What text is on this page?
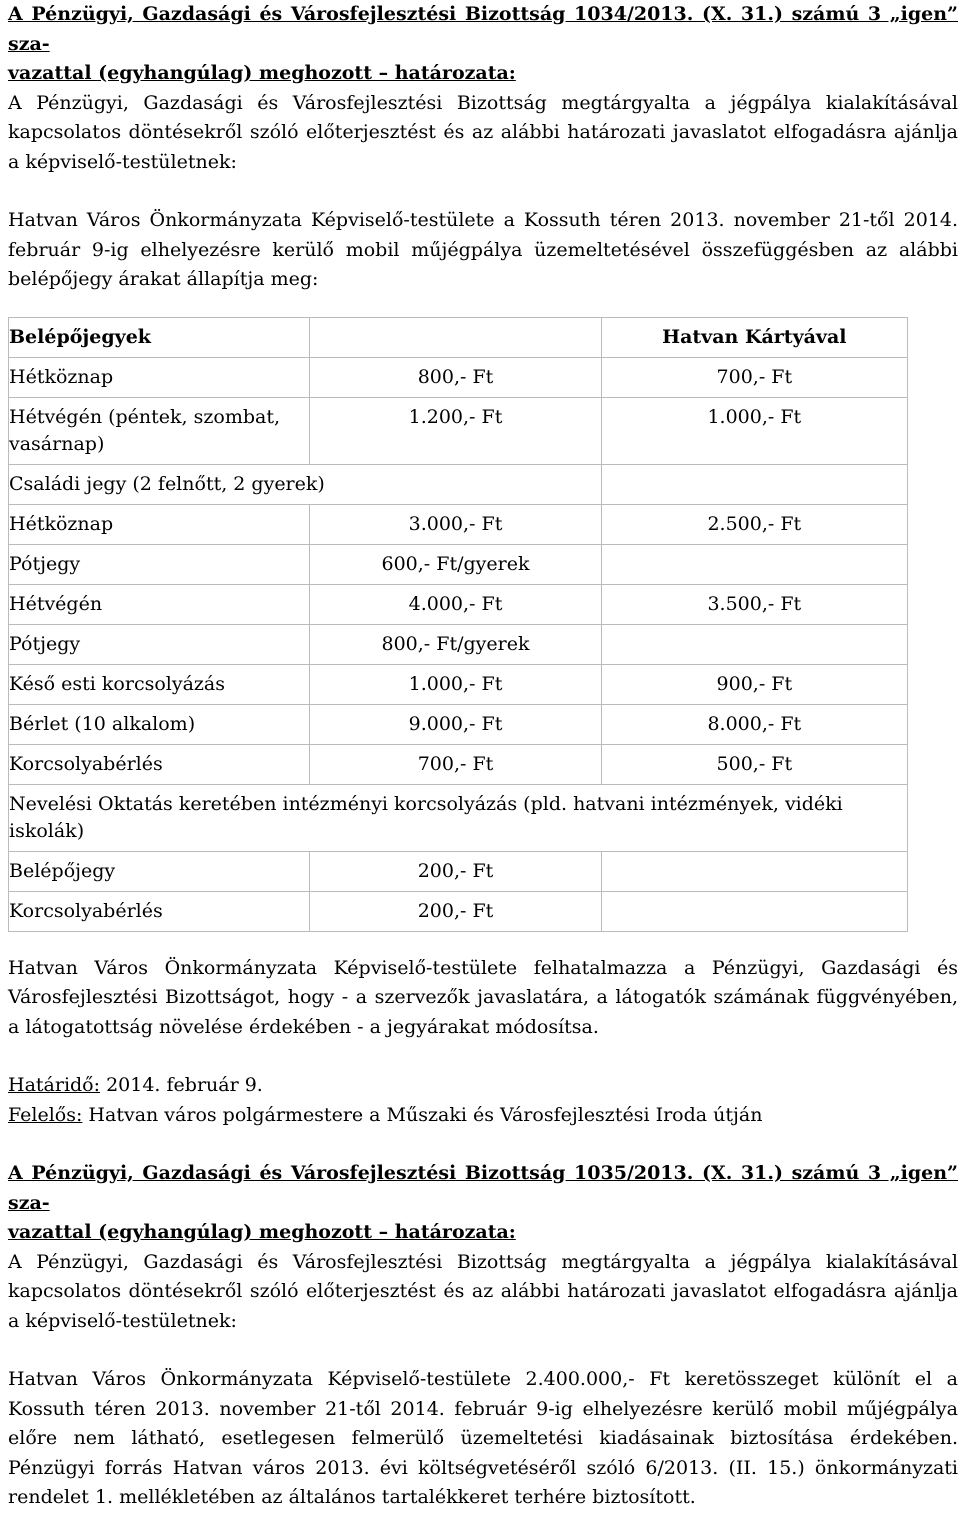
A Pénzügyi, Gazdasági és Városfejlesztési Bizottság 1034/2013. (X. 31.) számú 3 „igen” sza-

vazattal (egyhangúlag) meghozott – határozata:

A Pénzügyi, Gazdasági és Városfejlesztési Bizottság megtárgyalta a jégpálya kialakításával kapcsolatos döntésekről szóló előterjesztést és az alábbi határozati javaslatot elfogadásra ajánlja a képviselő-testületnek:

Hatvan Város Önkormányzata Képviselő-testülete a Kossuth téren 2013. november 21-től 2014. február 9-ig elhelyezésre kerülő mobil műjégpálya üzemeltetésével összefüggésben az alábbi belépőjegy árakat állapítja meg:

Belépőjegyek		Hatvan Kártyával
Hétköznap	800,- Ft	700,- Ft
Hétvégén (péntek, szombat, vasárnap)	1.200,- Ft	1.000,- Ft
Családi jegy (2 felnőtt, 2 gyerek)		
Hétköznap	3.000,- Ft	2.500,- Ft
Pótjegy	600,- Ft/gyerek	
Hétvégén	4.000,- Ft	3.500,- Ft
Pótjegy	800,- Ft/gyerek	
Késő esti korcsolyázás	1.000,- Ft	900,- Ft
Bérlet (10 alkalom)	9.000,- Ft	8.000,- Ft
Korcsolyabérlés	700,- Ft	500,- Ft
Nevelési Oktatás keretében intézményi korcsolyázás (pld. hatvani intézmények, vidéki iskolák)		
Belépőjegy	200,- Ft	
Korcsolyabérlés	200,- Ft	

Hatvan Város Önkormányzata Képviselő-testülete felhatalmazza a Pénzügyi, Gazdasági és Városfejlesztési Bizottságot, hogy - a szervezők javaslatára, a látogatók számának függvényében, a látogatottság növelése érdekében - a jegyárakat módosítsa.

Határidő: 2014. február 9.

Felelős: Hatvan város polgármestere a Műszaki és Városfejlesztési Iroda útján

A Pénzügyi, Gazdasági és Városfejlesztési Bizottság 1035/2013. (X. 31.) számú 3 „igen” sza-

vazattal (egyhangúlag) meghozott – határozata:

A Pénzügyi, Gazdasági és Városfejlesztési Bizottság megtárgyalta a jégpálya kialakításával kapcsolatos döntésekről szóló előterjesztést és az alábbi határozati javaslatot elfogadásra ajánlja a képviselő-testületnek:

Hatvan Város Önkormányzata Képviselő-testülete 2.400.000,- Ft keretösszeget különít el a Kossuth téren 2013. november 21-től 2014. február 9-ig elhelyezésre kerülő mobil műjégpálya előre nem látható, esetlegesen felmerülő üzemeltetési kiadásainak biztosítása érdekében. Pénzügyi forrás Hatvan város 2013. évi költségvetéséről szóló 6/2013. (II. 15.) önkormányzati rendelet 1. mellékletében az általános tartalékkeret terhére biztosított.
